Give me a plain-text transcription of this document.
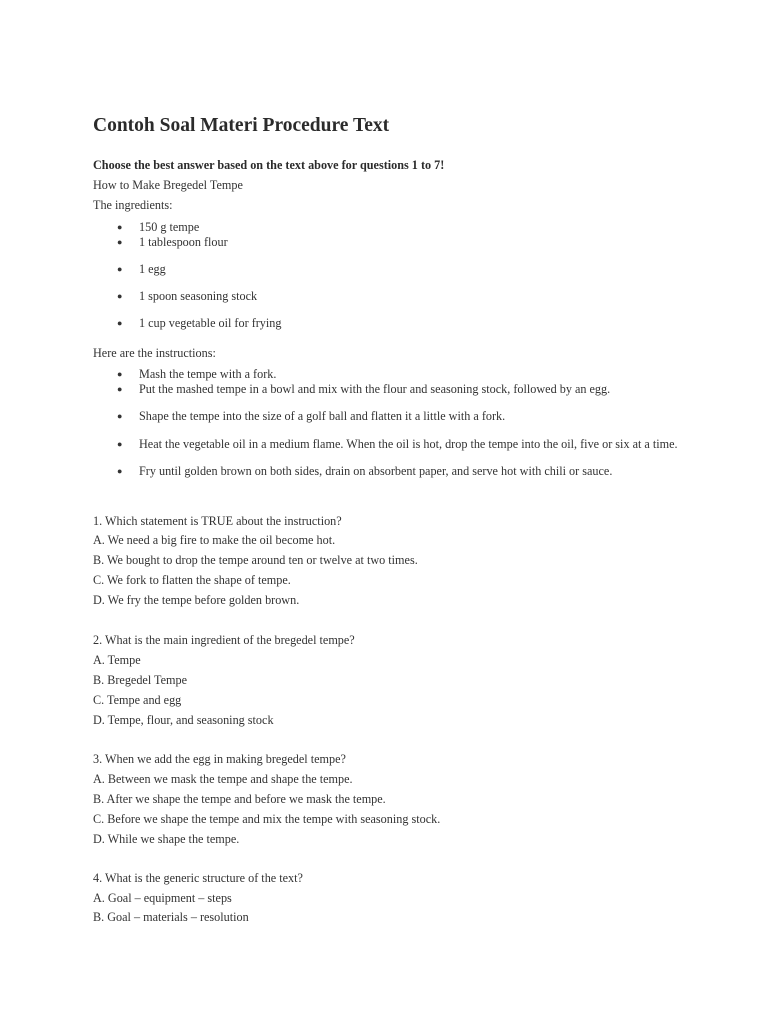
Contoh Soal Materi Procedure Text
Choose the best answer based on the text above for questions 1 to 7!
How to Make Bregedel Tempe
The ingredients:
● 150 g tempe
● 1 tablespoon flour
● 1 egg
● 1 spoon seasoning stock
● 1 cup vegetable oil for frying
Here are the instructions:
● Mash the tempe with a fork.
● Put the mashed tempe in a bowl and mix with the flour and seasoning stock, followed by an egg.
● Shape the tempe into the size of a golf ball and flatten it a little with a fork.
● Heat the vegetable oil in a medium flame. When the oil is hot, drop the tempe into the oil, five or six at a time.
● Fry until golden brown on both sides, drain on absorbent paper, and serve hot with chili or sauce.
1. Which statement is TRUE about the instruction?
A. We need a big fire to make the oil become hot.
B. We bought to drop the tempe around ten or twelve at two times.
C. We fork to flatten the shape of tempe.
D. We fry the tempe before golden brown.
2. What is the main ingredient of the bregedel tempe?
A. Tempe
B. Bregedel Tempe
C. Tempe and egg
D. Tempe, flour, and seasoning stock
3. When we add the egg in making bregedel tempe?
A. Between we mask the tempe and shape the tempe.
B. After we shape the tempe and before we mask the tempe.
C. Before we shape the tempe and mix the tempe with seasoning stock.
D. While we shape the tempe.
4. What is the generic structure of the text?
A. Goal – equipment – steps
B. Goal – materials – resolution
